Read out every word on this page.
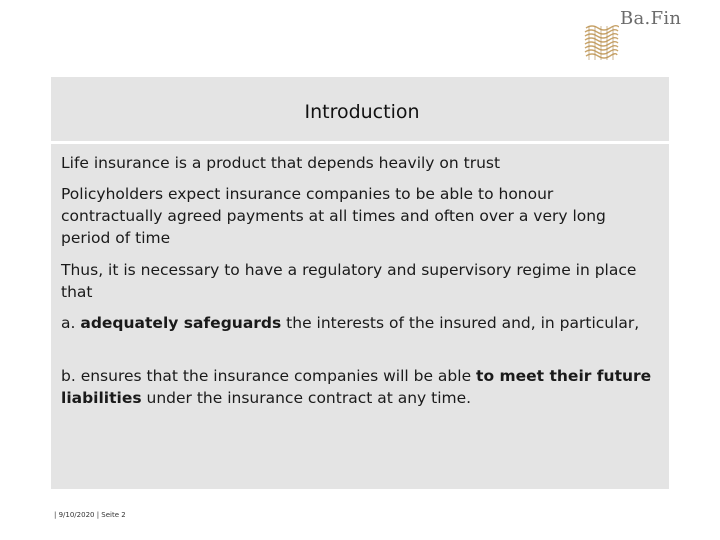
Ba.Fin
Introduction
Life insurance is a product that depends heavily on trust
Policyholders expect insurance companies to be able to honour contractually agreed payments at all times and often over a very long period of time
Thus, it is necessary to have a regulatory and supervisory regime in place that
a. adequately safeguards the interests of the insured and, in particular,
b. ensures that the insurance companies will be able to meet their future liabilities under the insurance contract at any time.
| 9/10/2020 | Seite 2
